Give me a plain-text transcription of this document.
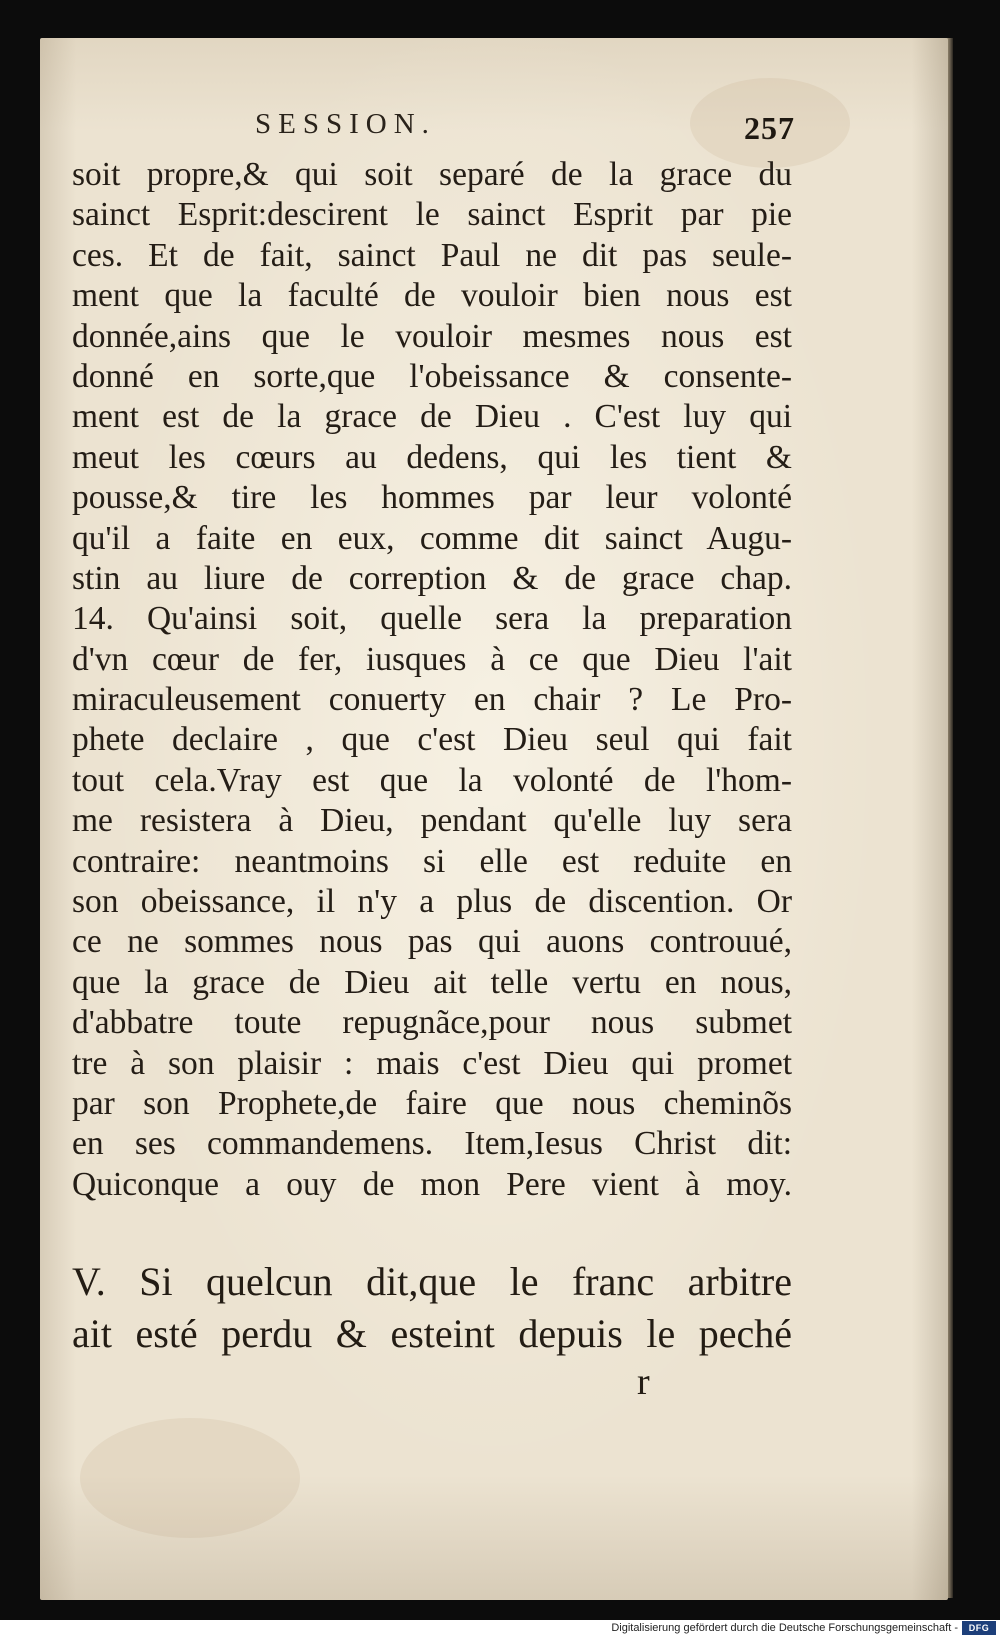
SESSION.	257
soit propre,& qui soit separé de la grace du
sainct Esprit:descirent le sainct Esprit par pie
ces. Et de fait, sainct Paul ne dit pas seule-
ment que la faculté de vouloir bien nous est
donnée,ains que le vouloir mesmes nous est
donné en sorte,que l'obeissance & consente-
ment est de la grace de Dieu . C'est luy qui
meut les cœurs au dedens, qui les tient &
pousse,& tire les hommes par leur volonté
qu'il a faite en eux, comme dit sainct Augu-
stin au liure de correption & de grace chap.
14. Qu'ainsi soit, quelle sera la preparation
d'vn cœur de fer, iusques à ce que Dieu l'ait
miraculeusement conuerty en chair ? Le Pro-
phete declaire , que c'est Dieu seul qui fait
tout cela.Vray est que la volonté de l'hom-
me resistera à Dieu, pendant qu'elle luy sera
contraire: neantmoins si elle est reduite en
son obeissance, il n'y a plus de discention. Or
ce ne sommes nous pas qui auons controuué,
que la grace de Dieu ait telle vertu en nous,
d'abbatre toute repugnãce,pour nous submet
tre à son plaisir : mais c'est Dieu qui promet
par son Prophete,de faire que nous cheminõs
en ses commandemens. Item,Iesus Christ dit:
Quiconque a ouy de mon Pere vient à moy.
V. Si quelcun dit,que le franc arbitre
ait esté perdu & esteint depuis le peché
r
Digitalisierung gefördert durch die Deutsche Forschungsgemeinschaft -	DFG
